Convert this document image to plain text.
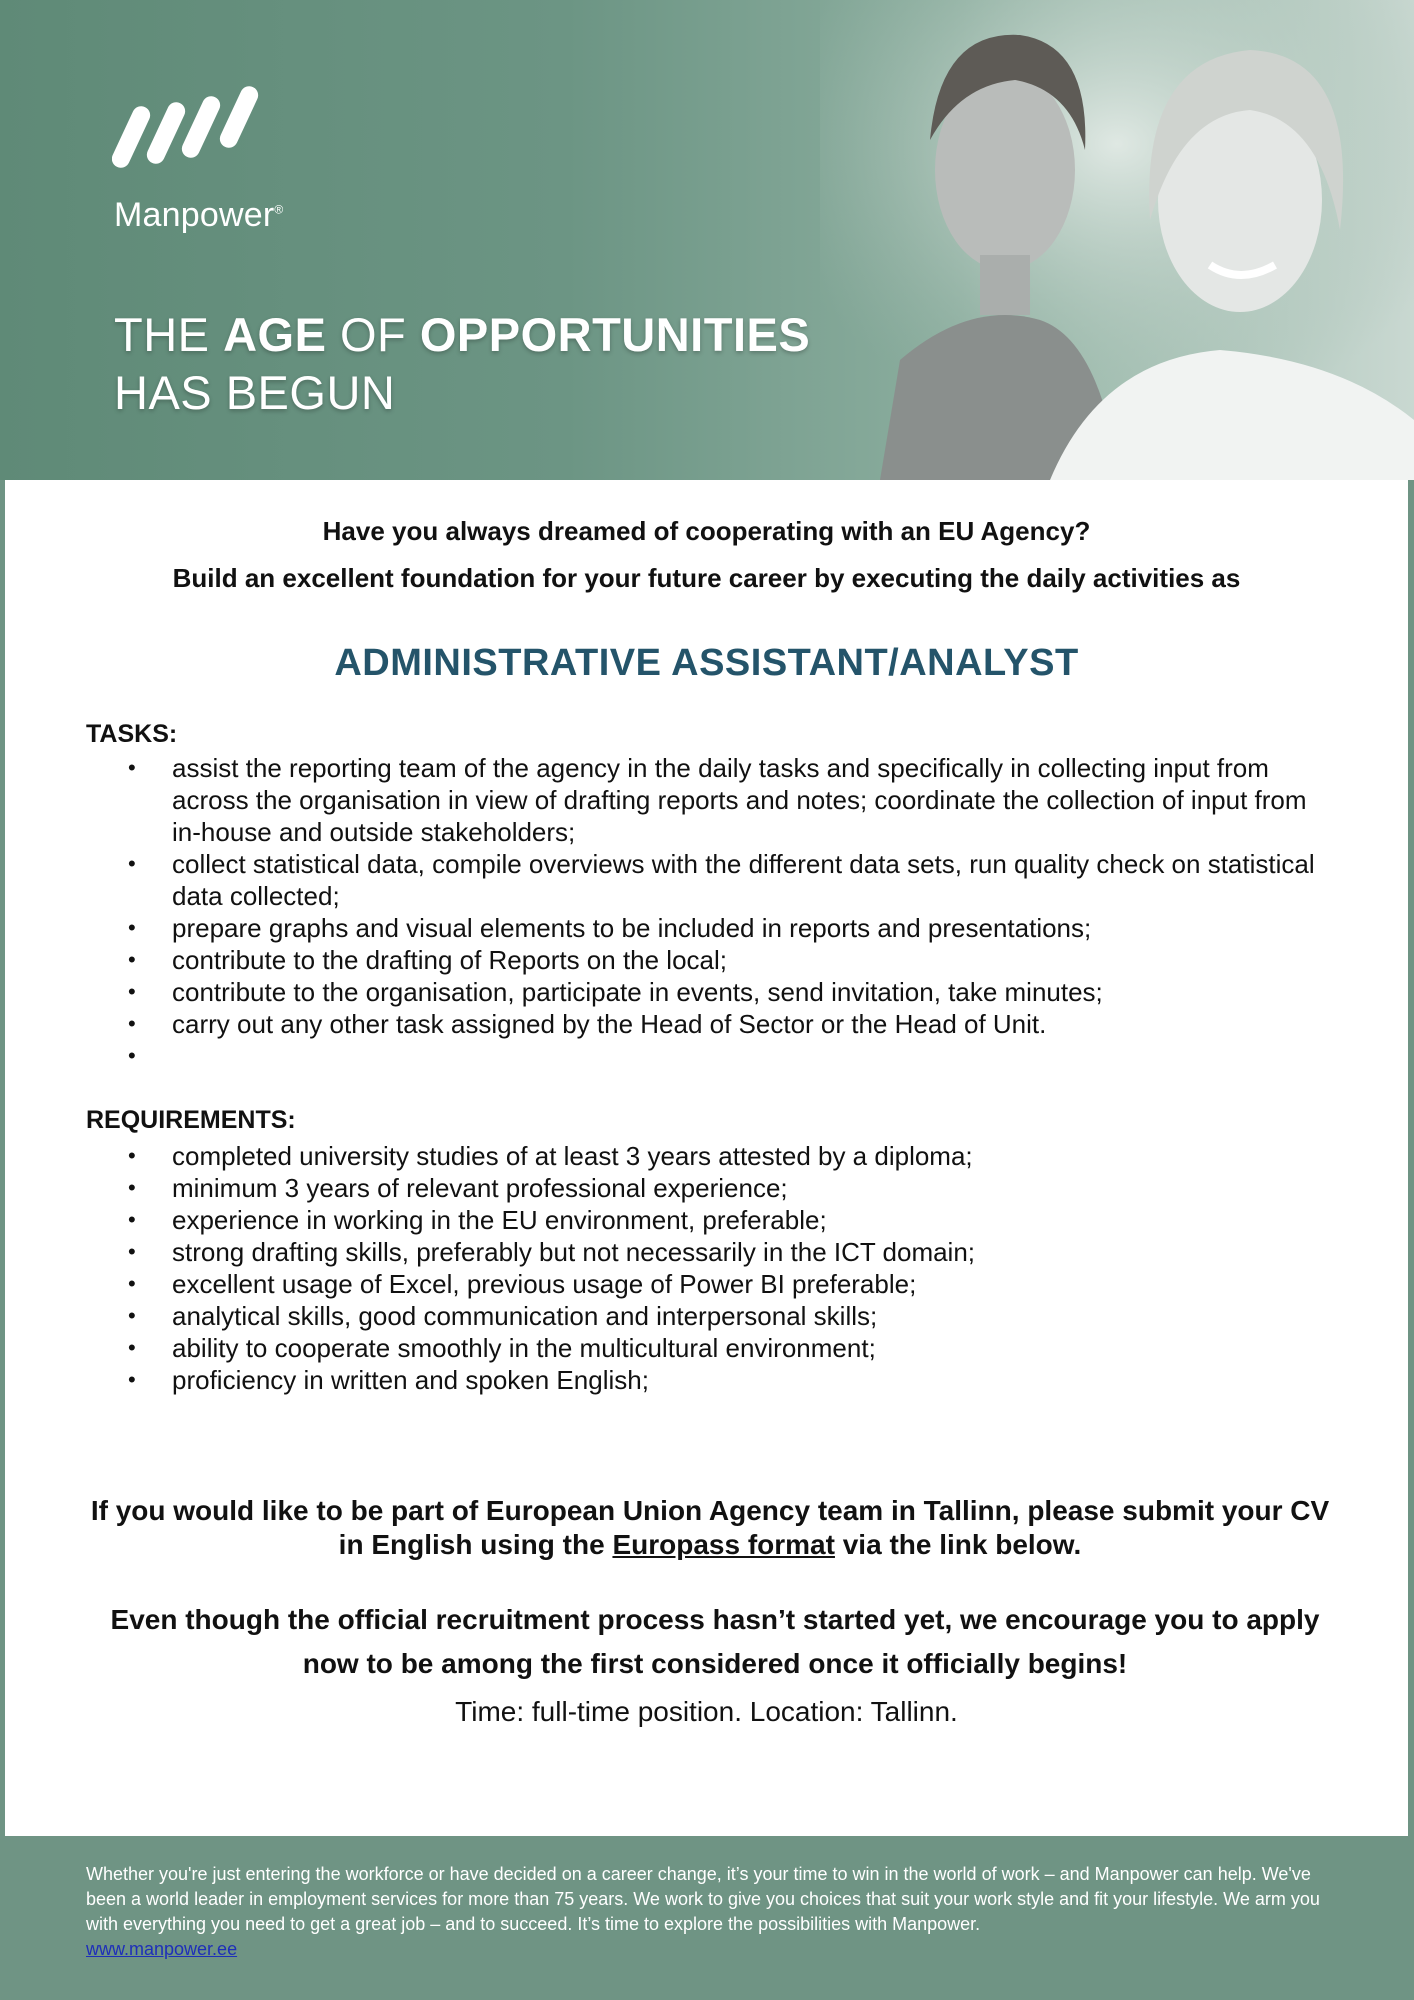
Manpower®
THE AGE OF OPPORTUNITIES
HAS BEGUN
Have you always dreamed of cooperating with an EU Agency?
Build an excellent foundation for your future career by executing the daily activities as
ADMINISTRATIVE ASSISTANT/ANALYST
TASKS:
• assist the reporting team of the agency in the daily tasks and specifically in collecting input from across the organisation in view of drafting reports and notes; coordinate the collection of input from in-house and outside stakeholders;
• collect statistical data, compile overviews with the different data sets, run quality check on statistical data collected;
• prepare graphs and visual elements to be included in reports and presentations;
• contribute to the drafting of Reports on the local;
• contribute to the organisation, participate in events, send invitation, take minutes;
• carry out any other task assigned by the Head of Sector or the Head of Unit.
•
REQUIREMENTS:
• completed university studies of at least 3 years attested by a diploma;
• minimum 3 years of relevant professional experience;
• experience in working in the EU environment, preferable;
• strong drafting skills, preferably but not necessarily in the ICT domain;
• excellent usage of Excel, previous usage of Power BI preferable;
• analytical skills, good communication and interpersonal skills;
• ability to cooperate smoothly in the multicultural environment;
• proficiency in written and spoken English;
If you would like to be part of European Union Agency team in Tallinn, please submit your CV in English using the Europass format via the link below.
Even though the official recruitment process hasn’t started yet, we encourage you to apply now to be among the first considered once it officially begins!
Time: full-time position. Location: Tallinn.
Whether you're just entering the workforce or have decided on a career change, it’s your time to win in the world of work – and Manpower can help. We've been a world leader in employment services for more than 75 years. We work to give you choices that suit your work style and fit your lifestyle. We arm you with everything you need to get a great job – and to succeed. It’s time to explore the possibilities with Manpower.
www.manpower.ee
